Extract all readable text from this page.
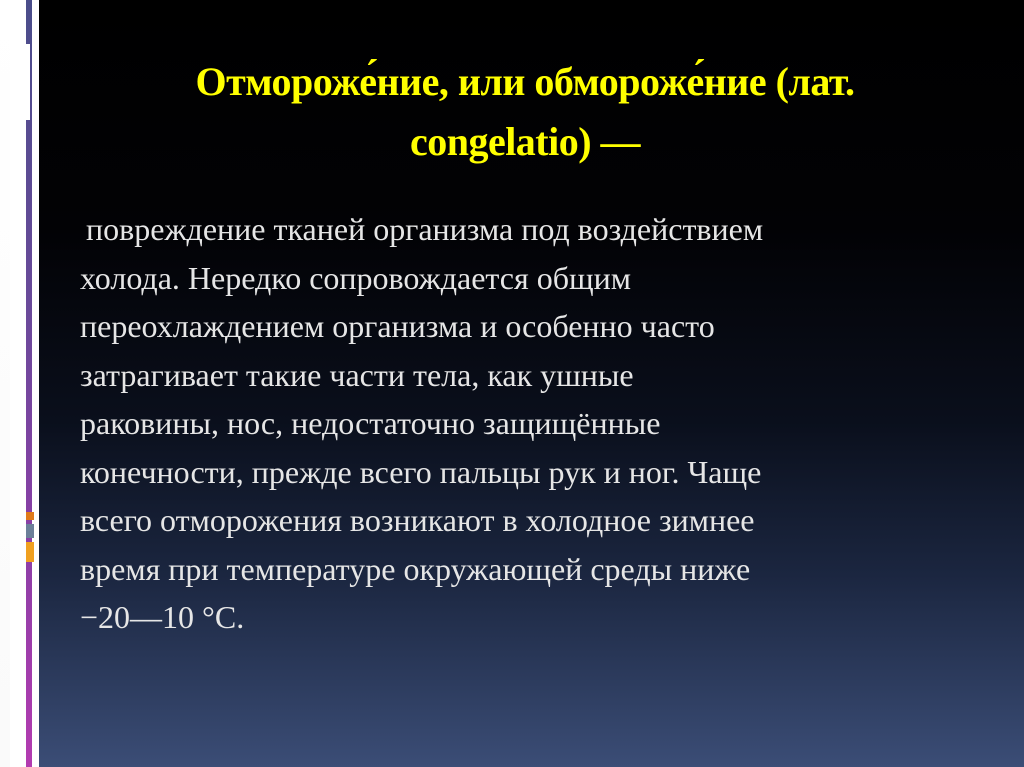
Отмороже́ние, или обмороже́ние (лат.
congelatio) —
повреждение тканей организма под воздействием
холода. Нередко сопровождается общим
переохлаждением организма и особенно часто
затрагивает такие части тела, как ушные
раковины, нос, недостаточно защищённые
конечности, прежде всего пальцы рук и ног. Чаще
всего отморожения возникают в холодное зимнее
время при температуре окружающей среды ниже
−20—10 °C.
